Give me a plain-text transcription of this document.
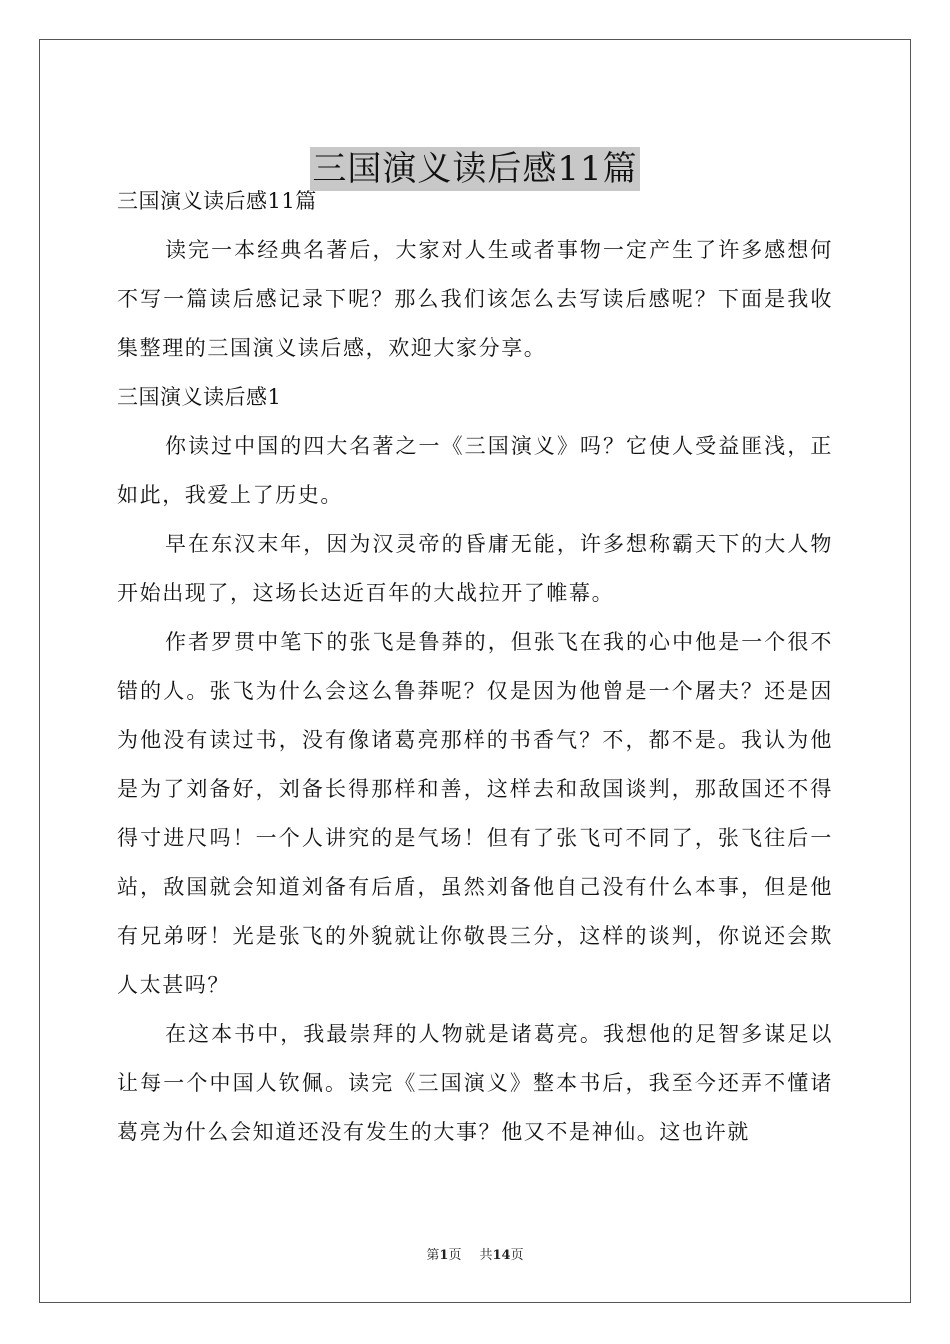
三国演义读后感11篇

三国演义读后感11篇

读完一本经典名著后，大家对人生或者事物一定产生了许多感想何不写一篇读后感记录下呢？那么我们该怎么去写读后感呢？下面是我收集整理的三国演义读后感，欢迎大家分享。

三国演义读后感1

你读过中国的四大名著之一《三国演义》吗？它使人受益匪浅，正如此，我爱上了历史。

早在东汉末年，因为汉灵帝的昏庸无能，许多想称霸天下的大人物开始出现了，这场长达近百年的大战拉开了帷幕。

作者罗贯中笔下的张飞是鲁莽的，但张飞在我的心中他是一个很不错的人。张飞为什么会这么鲁莽呢？仅是因为他曾是一个屠夫？还是因为他没有读过书，没有像诸葛亮那样的书香气？不，都不是。我认为他是为了刘备好，刘备长得那样和善，这样去和敌国谈判，那敌国还不得得寸进尺吗！一个人讲究的是气场！但有了张飞可不同了，张飞往后一站，敌国就会知道刘备有后盾，虽然刘备他自己没有什么本事，但是他有兄弟呀！光是张飞的外貌就让你敬畏三分，这样的谈判，你说还会欺人太甚吗？

在这本书中，我最崇拜的人物就是诸葛亮。我想他的足智多谋足以让每一个中国人钦佩。读完《三国演义》整本书后，我至今还弄不懂诸葛亮为什么会知道还没有发生的大事？他又不是神仙。这也许就

第1页 共14页
